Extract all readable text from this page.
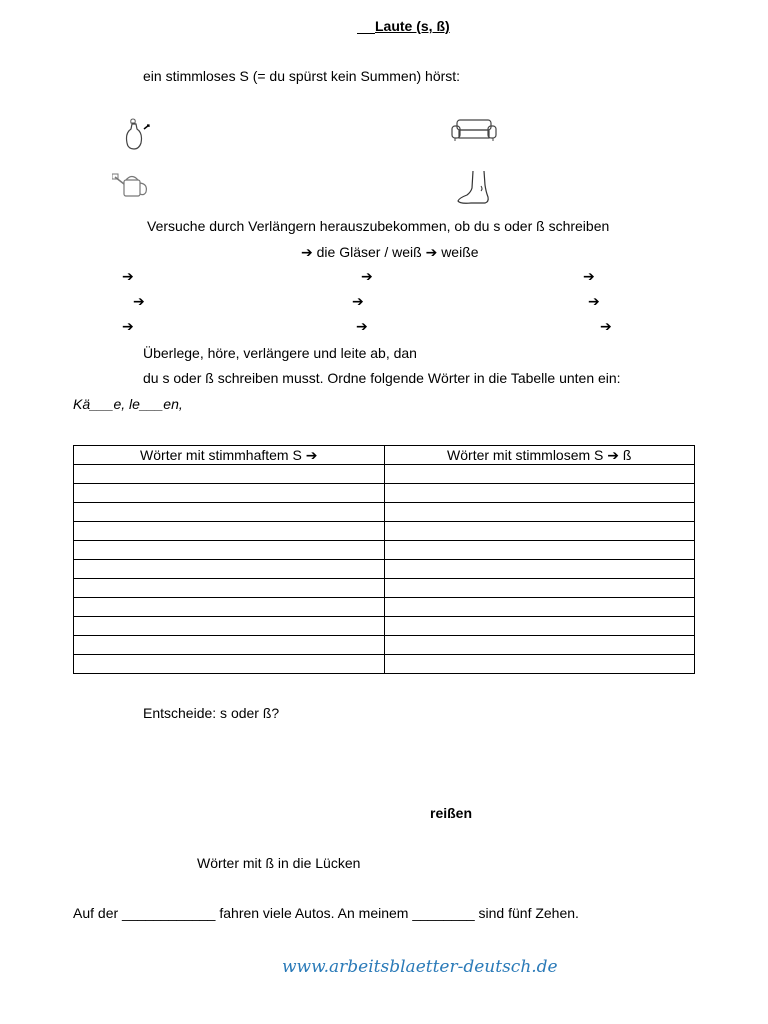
Laute (s, ß)
ein stimmloses S (= du spürst kein Summen) hörst:
Versuche durch Verlängern herauszubekommen, ob du s oder ß schreiben
➔ die Gläser / weiß ➔ weiße
➔	➔	➔
➔	➔	➔
➔	➔	➔
Überlege, höre, verlängere und leite ab, dan
du s oder ß schreiben musst. Ordne folgende Wörter in die Tabelle unten ein:
Kä___e, le___en,
Wörter mit stimmhaftem S ➔	Wörter mit stimmlosem S ➔ ß

Entscheide: s oder ß?
reißen
Wörter mit ß in die Lücken
Auf der ____________ fahren viele Autos. An meinem ________ sind fünf Zehen.
www.arbeitsblaetter-deutsch.de
